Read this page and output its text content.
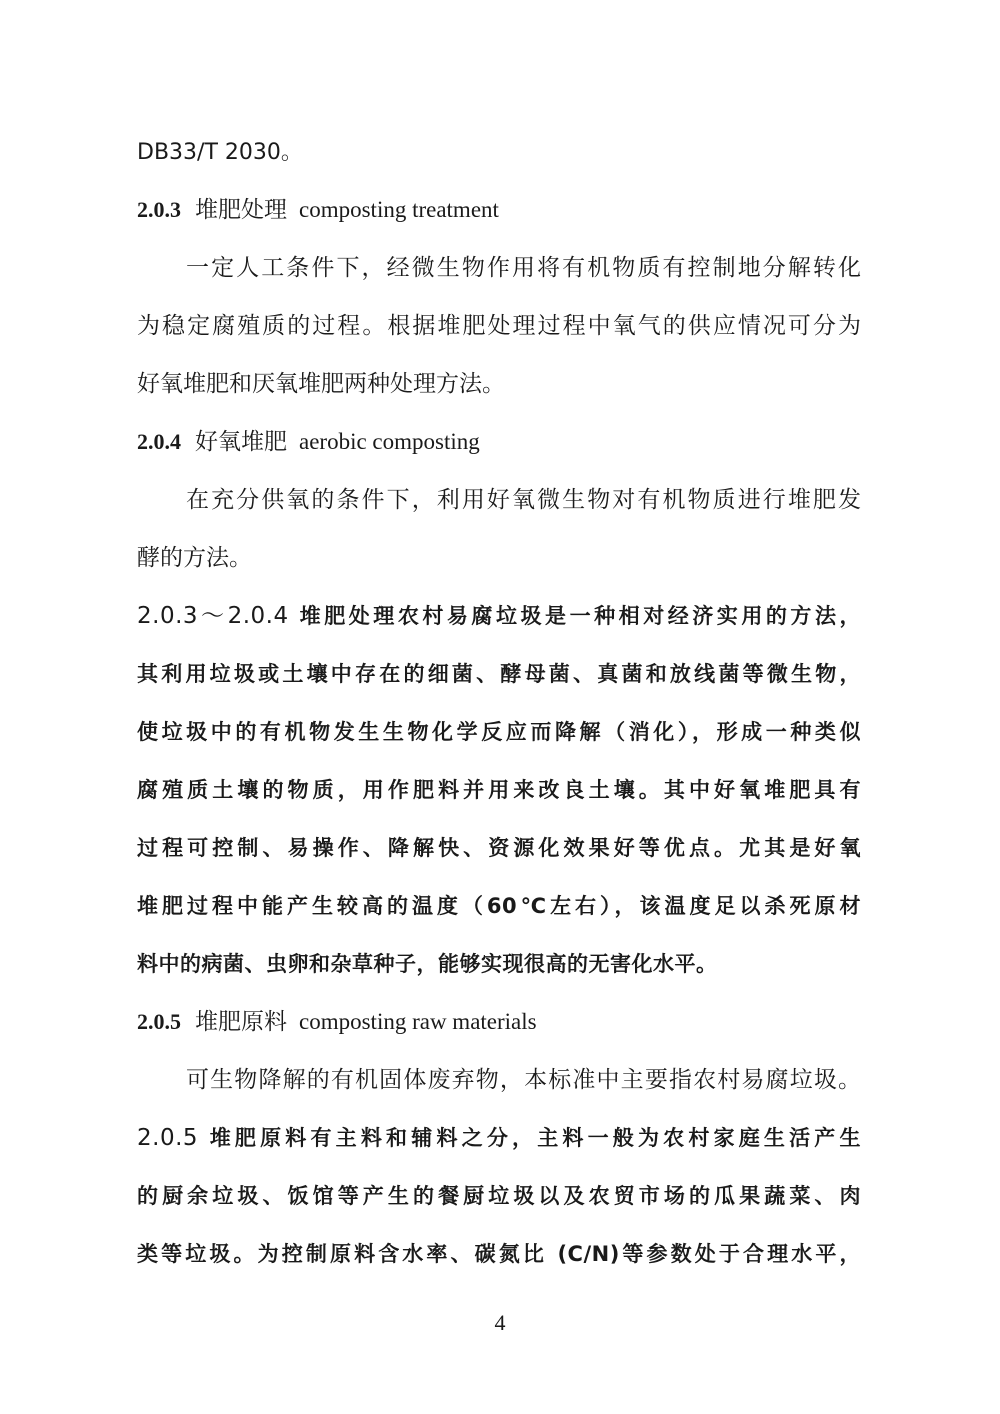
DB33/T 2030。
2.0.3 堆肥处理 composting treatment
一定人工条件下，经微生物作用将有机物质有控制地分解转化
为稳定腐殖质的过程。根据堆肥处理过程中氧气的供应情况可分为
好氧堆肥和厌氧堆肥两种处理方法。
2.0.4 好氧堆肥 aerobic composting
在充分供氧的条件下，利用好氧微生物对有机物质进行堆肥发
酵的方法。
2.0.3～2.0.4 堆肥处理农村易腐垃圾是一种相对经济实用的方法，
其利用垃圾或土壤中存在的细菌、酵母菌、真菌和放线菌等微生物，
使垃圾中的有机物发生生物化学反应而降解（消化），形成一种类似
腐殖质土壤的物质，用作肥料并用来改良土壤。其中好氧堆肥具有
过程可控制、易操作、降解快、资源化效果好等优点。尤其是好氧
堆肥过程中能产生较高的温度（60℃左右），该温度足以杀死原材
料中的病菌、虫卵和杂草种子，能够实现很高的无害化水平。
2.0.5 堆肥原料 composting raw materials
可生物降解的有机固体废弃物，本标准中主要指农村易腐垃圾。
2.0.5 堆肥原料有主料和辅料之分，主料一般为农村家庭生活产生
的厨余垃圾、饭馆等产生的餐厨垃圾以及农贸市场的瓜果蔬菜、肉
类等垃圾。为控制原料含水率、碳氮比 (C/N)等参数处于合理水平，
4
